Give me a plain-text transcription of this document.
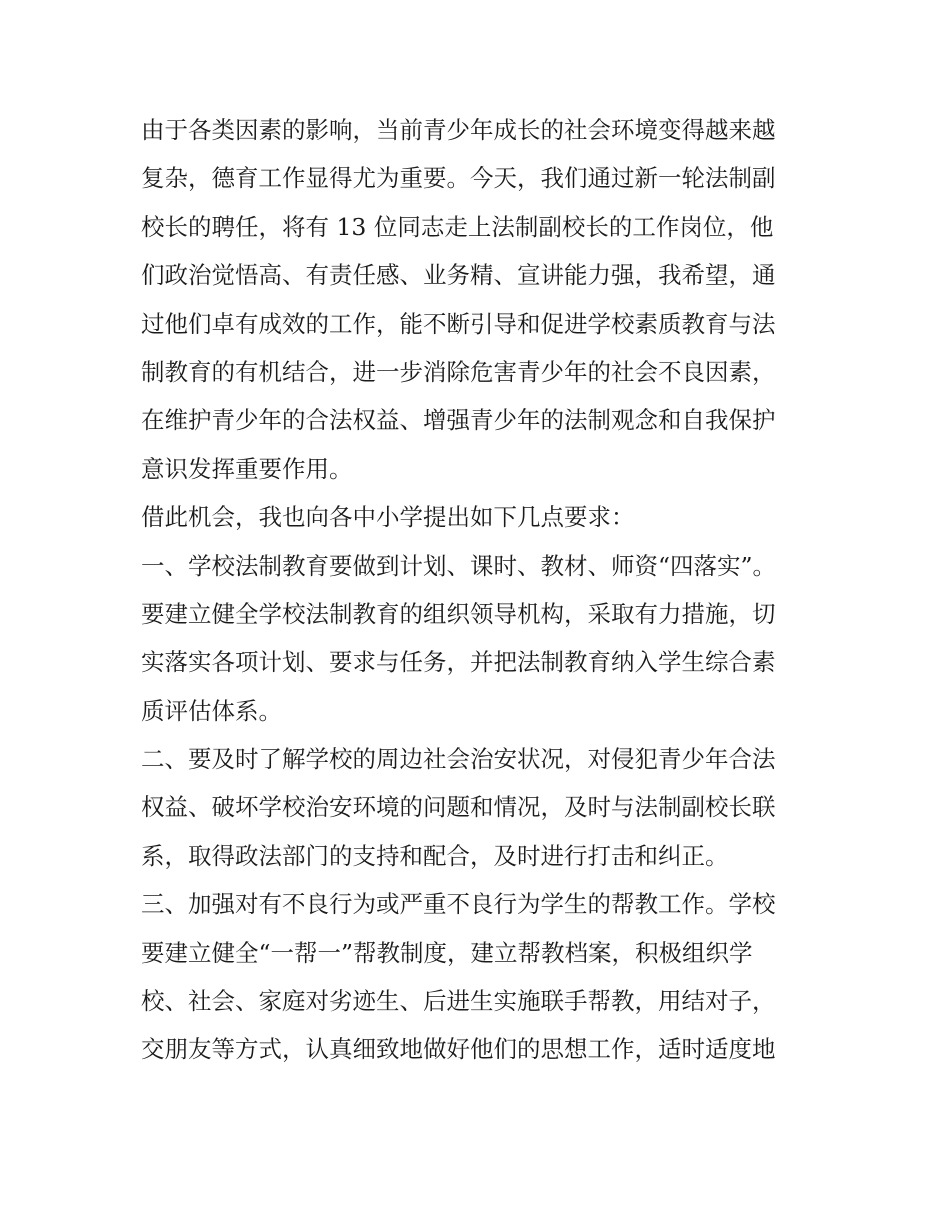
由于各类因素的影响，当前青少年成长的社会环境变得越来越
复杂，德育工作显得尤为重要。今天，我们通过新一轮法制副
校长的聘任，将有 13 位同志走上法制副校长的工作岗位，他
们政治觉悟高、有责任感、业务精、宣讲能力强，我希望，通
过他们卓有成效的工作，能不断引导和促进学校素质教育与法
制教育的有机结合，进一步消除危害青少年的社会不良因素，
在维护青少年的合法权益、增强青少年的法制观念和自我保护
意识发挥重要作用。
借此机会，我也向各中小学提出如下几点要求：
一、学校法制教育要做到计划、课时、教材、师资“四落实”。
要建立健全学校法制教育的组织领导机构，采取有力措施，切
实落实各项计划、要求与任务，并把法制教育纳入学生综合素
质评估体系。
二、要及时了解学校的周边社会治安状况，对侵犯青少年合法
权益、破坏学校治安环境的问题和情况，及时与法制副校长联
系，取得政法部门的支持和配合，及时进行打击和纠正。
三、加强对有不良行为或严重不良行为学生的帮教工作。学校
要建立健全“一帮一”帮教制度，建立帮教档案，积极组织学
校、社会、家庭对劣迹生、后进生实施联手帮教，用结对子，
交朋友等方式，认真细致地做好他们的思想工作，适时适度地
